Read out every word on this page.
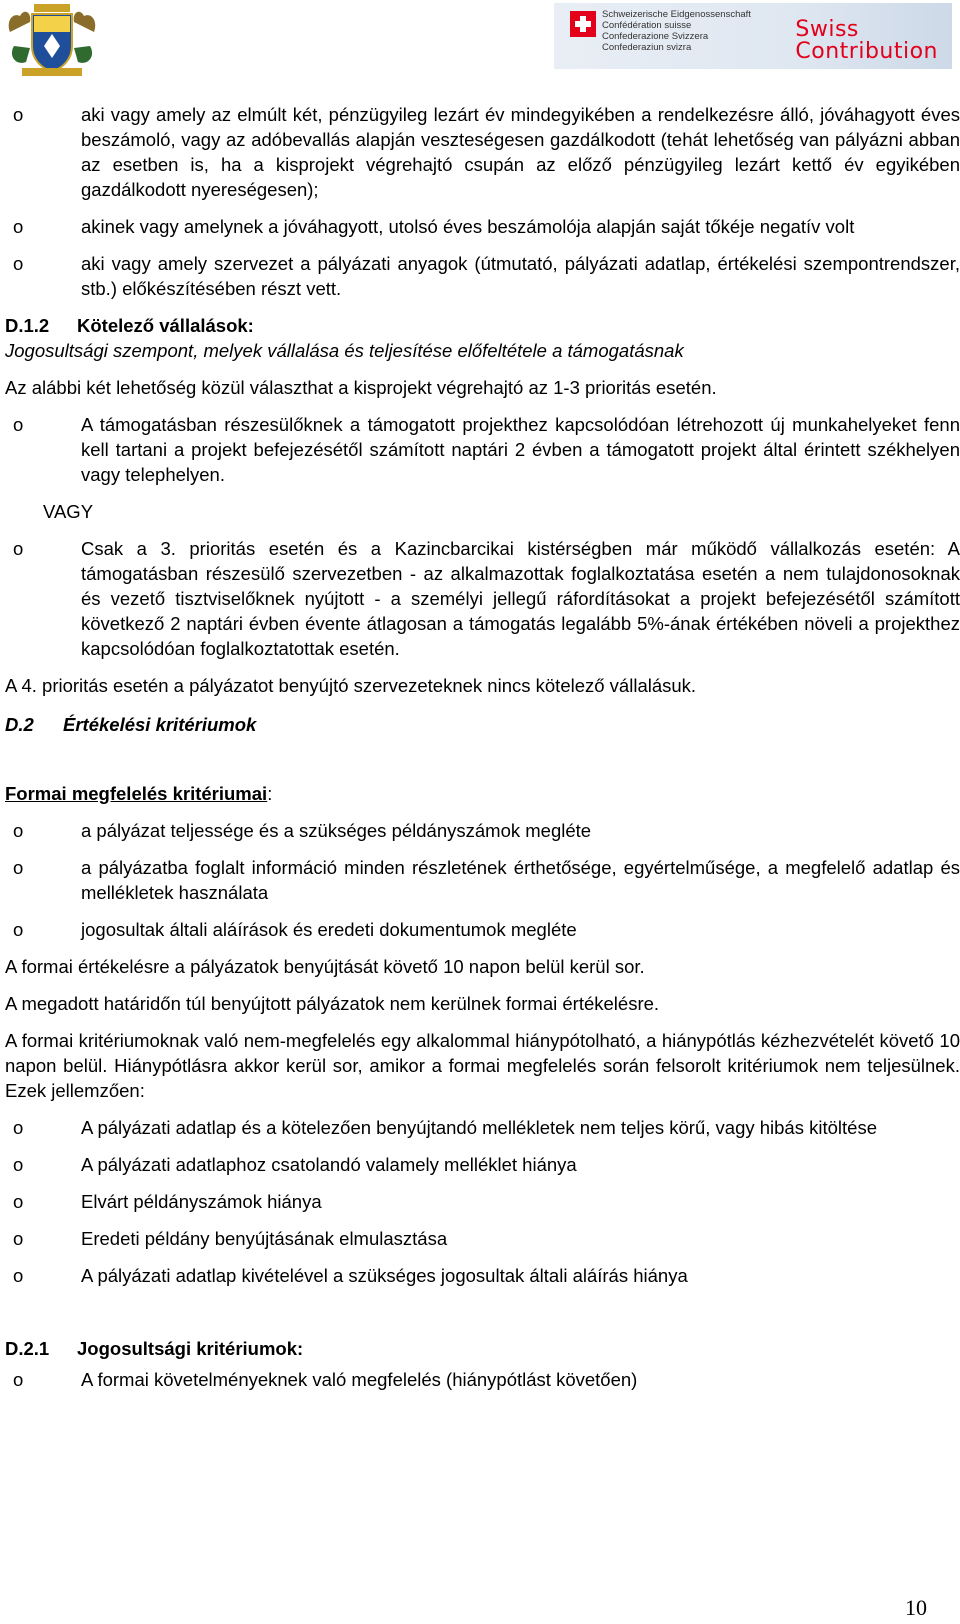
Schweizerische Eidgenossenschaft
Confédération suisse
Confederazione Svizzera
Confederaziun svizra
Swiss
Contribution
o	aki vagy amely az elmúlt két, pénzügyileg lezárt év mindegyikében a rendelkezésre álló, jóváhagyott éves beszámoló, vagy az adóbevallás alapján veszteségesen gazdálkodott (tehát lehetőség van pályázni abban az esetben is, ha a kisprojekt végrehajtó csupán az előző pénzügyileg lezárt kettő év egyikében gazdálkodott nyereségesen);
o	akinek vagy amelynek a jóváhagyott, utolsó éves beszámolója alapján saját tőkéje negatív volt
o	aki vagy amely szervezet a pályázati anyagok (útmutató, pályázati adatlap, értékelési szempontrendszer, stb.) előkészítésében részt vett.
D.1.2	Kötelező vállalások:
Jogosultsági szempont, melyek vállalása és teljesítése előfeltétele a támogatásnak
Az alábbi két lehetőség közül választhat a kisprojekt végrehajtó az 1-3 prioritás esetén.
o	A támogatásban részesülőknek a támogatott projekthez kapcsolódóan létrehozott új munkahelyeket fenn kell tartani a projekt befejezésétől számított naptári 2 évben a támogatott projekt által érintett székhelyen vagy telephelyen.
VAGY
o	Csak a 3. prioritás esetén és a Kazincbarcikai kistérségben már működő vállalkozás esetén: A támogatásban részesülő szervezetben - az alkalmazottak foglalkoztatása esetén a nem tulajdonosoknak és vezető tisztviselőknek nyújtott - a személyi jellegű ráfordításokat a projekt befejezésétől számított következő 2 naptári évben évente átlagosan a támogatás legalább 5%-ának értékében növeli a projekthez kapcsolódóan foglalkoztatottak esetén.
A 4. prioritás esetén a pályázatot benyújtó szervezeteknek nincs kötelező vállalásuk.
D.2	Értékelési kritériumok
Formai megfelelés kritériumai:
o	a pályázat teljessége és a szükséges példányszámok megléte
o	a pályázatba foglalt információ minden részletének érthetősége, egyértelműsége, a megfelelő adatlap és mellékletek használata
o	jogosultak általi aláírások és eredeti dokumentumok megléte
A formai értékelésre a pályázatok benyújtását követő 10 napon belül kerül sor.
A megadott határidőn túl benyújtott pályázatok nem kerülnek formai értékelésre.
A formai kritériumoknak való nem-megfelelés egy alkalommal hiánypótolható, a hiánypótlás kézhezvételét követő 10 napon belül. Hiánypótlásra akkor kerül sor, amikor a formai megfelelés során felsorolt kritériumok nem teljesülnek. Ezek jellemzően:
o	A pályázati adatlap és a kötelezően benyújtandó mellékletek nem teljes körű, vagy hibás kitöltése
o	A pályázati adatlaphoz csatolandó valamely melléklet hiánya
o	Elvárt példányszámok hiánya
o	Eredeti példány benyújtásának elmulasztása
o	A pályázati adatlap kivételével a szükséges jogosultak általi aláírás hiánya
D.2.1	Jogosultsági kritériumok:
o	A formai követelményeknek való megfelelés (hiánypótlást követően)
10
